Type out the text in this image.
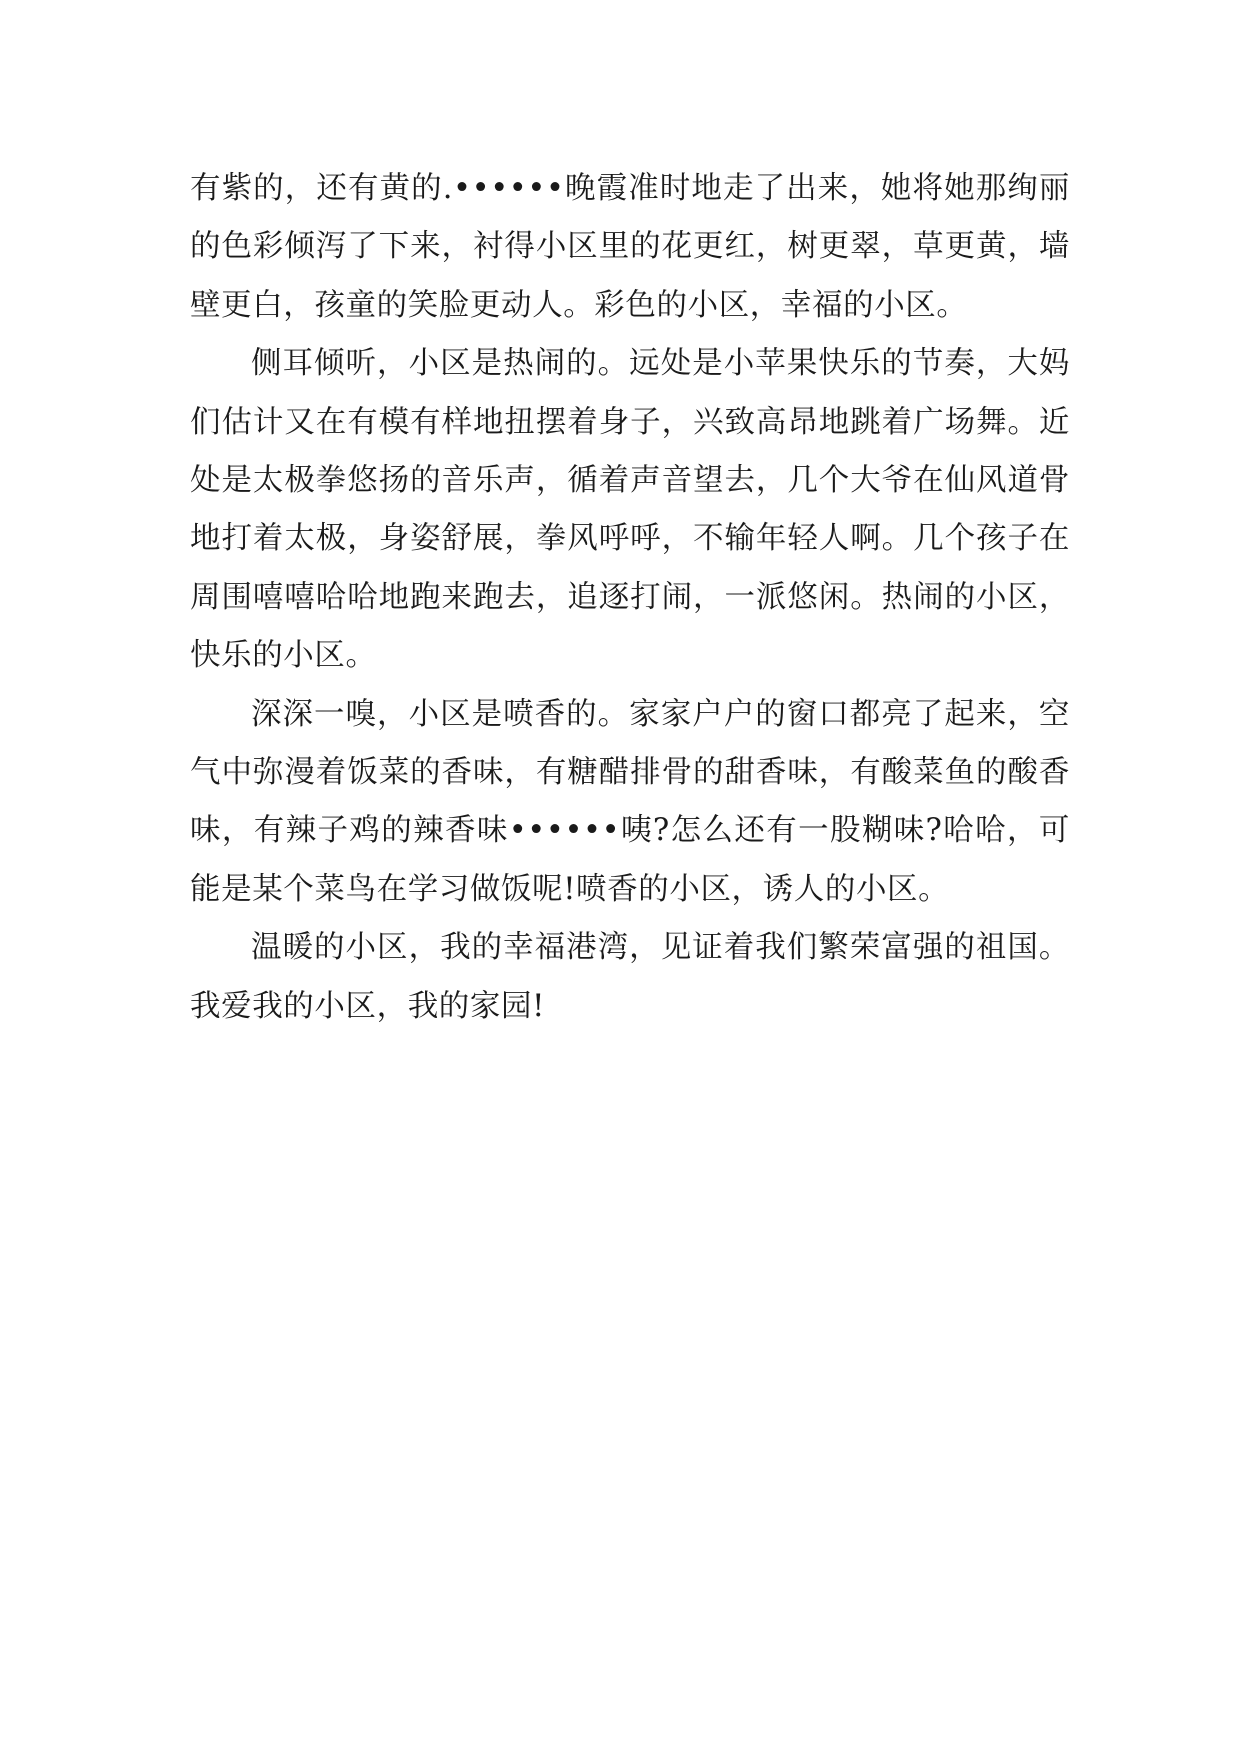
有紫的，还有黄的.••••••晚霞准时地走了出来，她将她那绚丽的色彩倾泻了下来，衬得小区里的花更红，树更翠，草更黄，墙壁更白，孩童的笑脸更动人。彩色的小区，幸福的小区。

侧耳倾听，小区是热闹的。远处是小苹果快乐的节奏，大妈们估计又在有模有样地扭摆着身子，兴致高昂地跳着广场舞。近处是太极拳悠扬的音乐声，循着声音望去，几个大爷在仙风道骨地打着太极，身姿舒展，拳风呼呼，不输年轻人啊。几个孩子在周围嘻嘻哈哈地跑来跑去，追逐打闹，一派悠闲。热闹的小区，快乐的小区。

深深一嗅，小区是喷香的。家家户户的窗口都亮了起来，空气中弥漫着饭菜的香味，有糖醋排骨的甜香味，有酸菜鱼的酸香味，有辣子鸡的辣香味••••••咦?怎么还有一股糊味?哈哈，可能是某个菜鸟在学习做饭呢!喷香的小区，诱人的小区。

温暖的小区，我的幸福港湾，见证着我们繁荣富强的祖国。我爱我的小区，我的家园!
